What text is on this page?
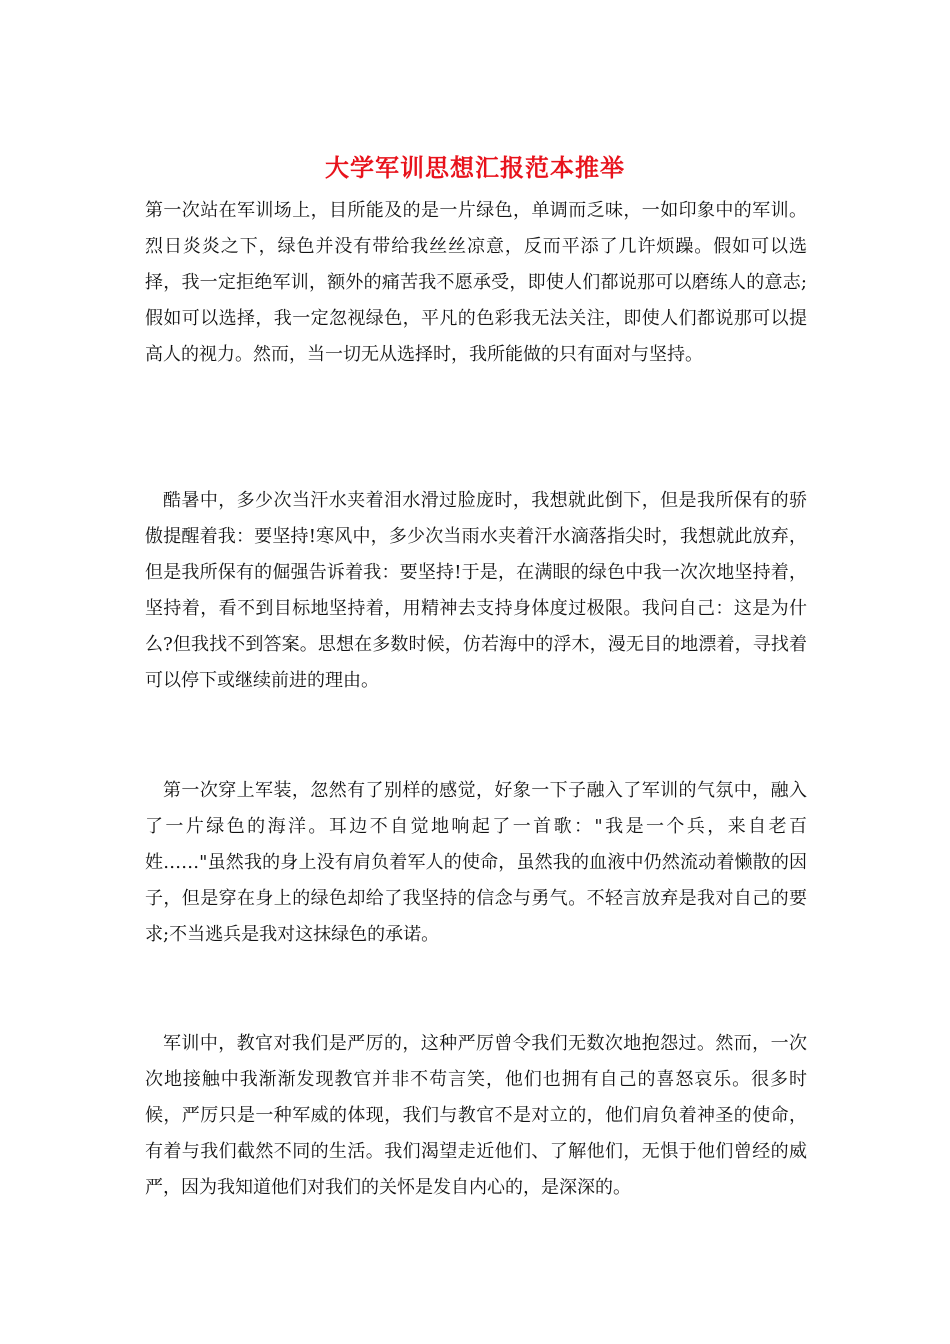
大学军训思想汇报范本推举

第一次站在军训场上，目所能及的是一片绿色，单调而乏味，一如印象中的军训。烈日炎炎之下，绿色并没有带给我丝丝凉意，反而平添了几许烦躁。假如可以选择，我一定拒绝军训，额外的痛苦我不愿承受，即使人们都说那可以磨练人的意志;假如可以选择，我一定忽视绿色，平凡的色彩我无法关注，即使人们都说那可以提高人的视力。然而，当一切无从选择时，我所能做的只有面对与坚持。

酷暑中，多少次当汗水夹着泪水滑过脸庞时，我想就此倒下，但是我所保有的骄傲提醒着我：要坚持!寒风中，多少次当雨水夹着汗水滴落指尖时，我想就此放弃，但是我所保有的倔强告诉着我：要坚持!于是，在满眼的绿色中我一次次地坚持着，坚持着，看不到目标地坚持着，用精神去支持身体度过极限。我问自己：这是为什么?但我找不到答案。思想在多数时候，仿若海中的浮木，漫无目的地漂着，寻找着可以停下或继续前进的理由。

第一次穿上军装，忽然有了别样的感觉，好象一下子融入了军训的气氛中，融入了一片绿色的海洋。耳边不自觉地响起了一首歌："我是一个兵，来自老百姓……"虽然我的身上没有肩负着军人的使命，虽然我的血液中仍然流动着懒散的因子，但是穿在身上的绿色却给了我坚持的信念与勇气。不轻言放弃是我对自己的要求;不当逃兵是我对这抹绿色的承诺。

军训中，教官对我们是严厉的，这种严厉曾令我们无数次地抱怨过。然而，一次次地接触中我渐渐发现教官并非不苟言笑，他们也拥有自己的喜怒哀乐。很多时候，严厉只是一种军威的体现，我们与教官不是对立的，他们肩负着神圣的使命，有着与我们截然不同的生活。我们渴望走近他们、了解他们，无惧于他们曾经的威严，因为我知道他们对我们的关怀是发自内心的，是深深的。
